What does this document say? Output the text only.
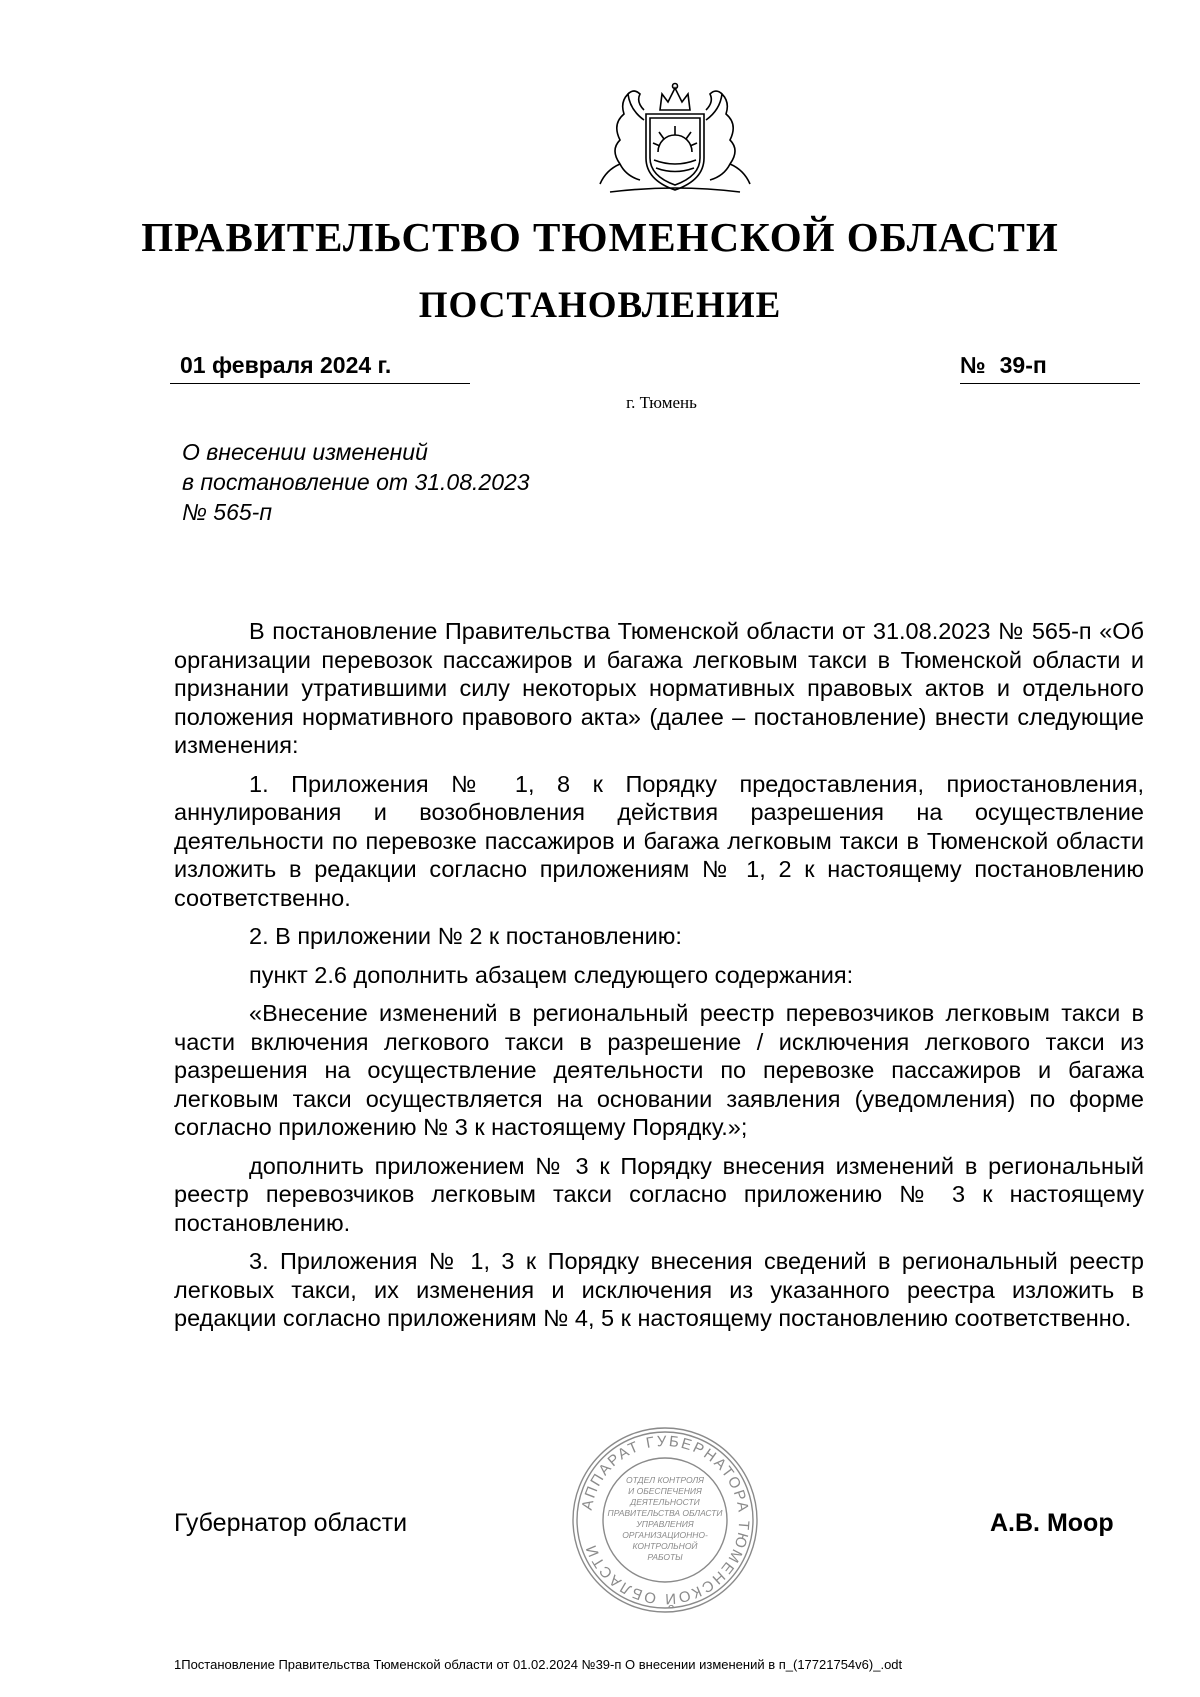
ПРАВИТЕЛЬСТВО ТЮМЕНСКОЙ ОБЛАСТИ
ПОСТАНОВЛЕНИЕ
01 февраля 2024 г.	№ 39-п
г. Тюмень
О внесении изменений
в постановление от 31.08.2023
№ 565-п

В постановление Правительства Тюменской области от 31.08.2023 № 565-п «Об организации перевозок пассажиров и багажа легковым такси в Тюменской области и признании утратившими силу некоторых нормативных правовых актов и отдельного положения нормативного правового акта» (далее – постановление) внести следующие изменения:

1. Приложения № 1, 8 к Порядку предоставления, приостановления, аннулирования и возобновления действия разрешения на осуществление деятельности по перевозке пассажиров и багажа легковым такси в Тюменской области изложить в редакции согласно приложениям № 1, 2 к настоящему постановлению соответственно.

2. В приложении № 2 к постановлению:

пункт 2.6 дополнить абзацем следующего содержания:

«Внесение изменений в региональный реестр перевозчиков легковым такси в части включения легкового такси в разрешение / исключения легкового такси из разрешения на осуществление деятельности по перевозке пассажиров и багажа легковым такси осуществляется на основании заявления (уведомления) по форме согласно приложению № 3 к настоящему Порядку.»;

дополнить приложением № 3 к Порядку внесения изменений в региональный реестр перевозчиков легковым такси согласно приложению № 3 к настоящему постановлению.

3. Приложения № 1, 3 к Порядку внесения сведений в региональный реестр легковых такси, их изменения и исключения из указанного реестра изложить в редакции согласно приложениям № 4, 5 к настоящему постановлению соответственно.

АППАРАТ ГУБЕРНАТОРА ТЮМЕНСКОЙ ОБЛАСТИ
ОТДЕЛ КОНТРОЛЯ
И ОБЕСПЕЧЕНИЯ
ДЕЯТЕЛЬНОСТИ
ПРАВИТЕЛЬСТВА ОБЛАСТИ
УПРАВЛЕНИЯ
ОРГАНИЗАЦИОННО-
КОНТРОЛЬНОЙ
РАБОТЫ
Губернатор области	А.В. Моор
1Постановление Правительства Тюменской области от 01.02.2024 №39-п О внесении изменений в п_(17721754v6)_.odt
